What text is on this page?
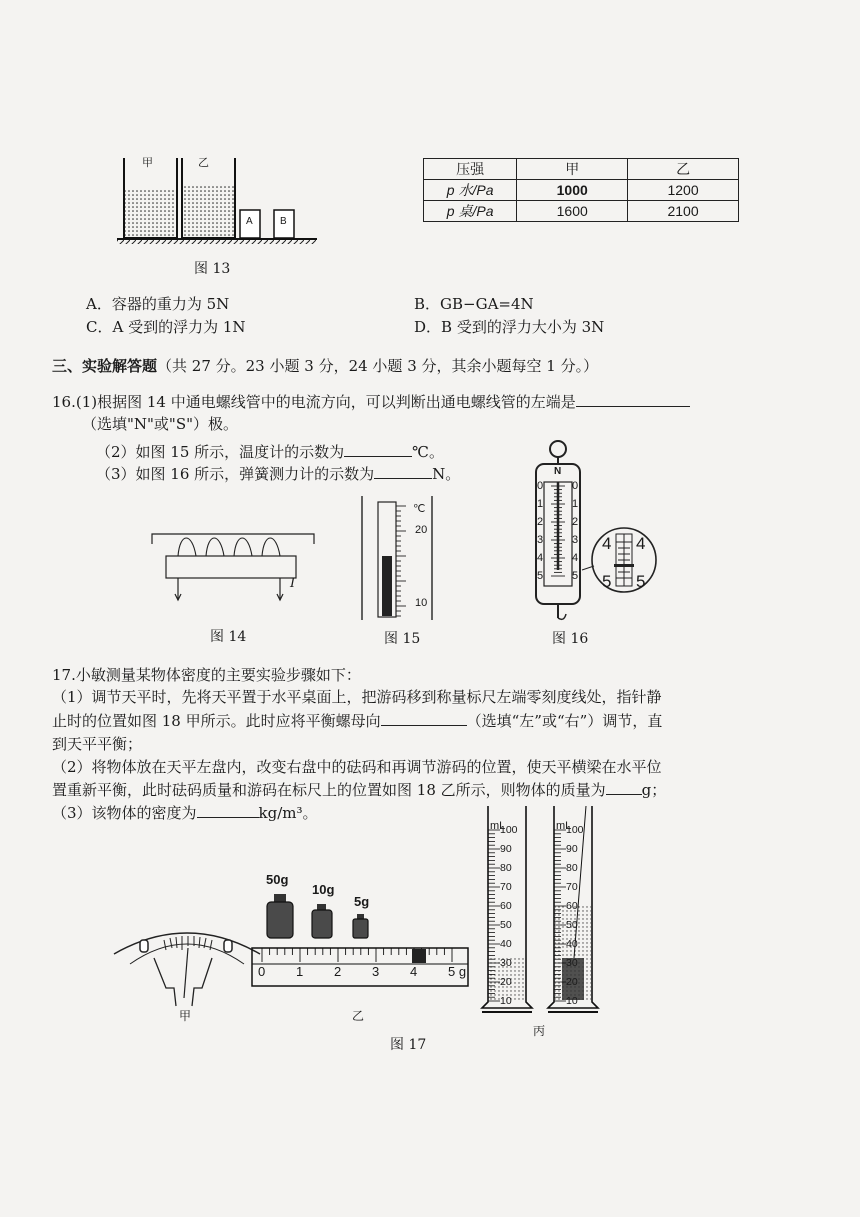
甲	乙
A	B
图 13
压强	甲	乙
p 水/Pa	1000	1200
p 桌/Pa	1600	2100
A．容器的重力为 5N	B．GB−GA=4N
C．A 受到的浮力为 1N	D．B 受到的浮力大小为 3N
三、实验解答题（共 27 分。23 小题 3 分，24 小题 3 分，其余小题每空 1 分。）
16.(1)根据图 14 中通电螺线管中的电流方向，可以判断出通电螺线管的左端是
（选填"N"或"S"）极。
（2）如图 15 所示，温度计的示数为	℃。
（3）如图 16 所示，弹簧测力计的示数为	N。
I
图 14
℃
20
10
图 15
N
4 4
5 5
0
1
2
3
4
5
0
1
2
3
4
5
图 16
17.小敏测量某物体密度的主要实验步骤如下：
（1）调节天平时，先将天平置于水平桌面上，把游码移到称量标尺左端零刻度线处，指针静
止时的位置如图 18 甲所示。此时应将平衡螺母向	（选填“左”或“右”）调节，直
到天平平衡；
（2）将物体放在天平左盘内，改变右盘中的砝码和再调节游码的位置，使天平横梁在水平位
置重新平衡，此时砝码质量和游码在标尺上的位置如图 18 乙所示，则物体的质量为 g；
（3）该物体的密度为	kg/m³。
甲
50g
10g
5g
0 1 2 3 4 5 g
乙
mL	mL
100
90
80
70
60
50
40
30
20
10
100
90
80
70
60
50
40
30
20
10
丙
图 17
